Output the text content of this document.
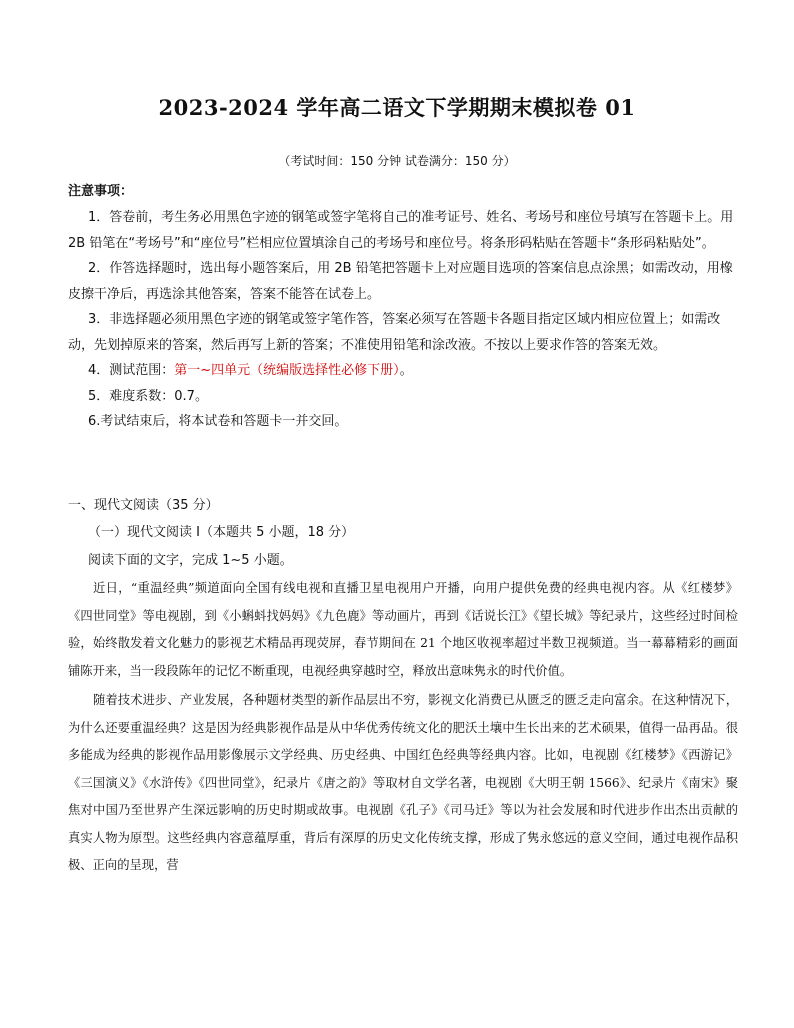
2023-2024 学年高二语文下学期期末模拟卷 01
（考试时间：150 分钟 试卷满分：150 分）
注意事项：

1．答卷前，考生务必用黑色字迹的钢笔或签字笔将自己的准考证号、姓名、考场号和座位号填写在答题卡上。用 2B 铅笔在“考场号”和“座位号”栏相应位置填涂自己的考场号和座位号。将条形码粘贴在答题卡“条形码粘贴处”。

2．作答选择题时，选出每小题答案后，用 2B 铅笔把答题卡上对应题目选项的答案信息点涂黑；如需改动，用橡皮擦干净后，再选涂其他答案，答案不能答在试卷上。

3．非选择题必须用黑色字迹的钢笔或签字笔作答，答案必须写在答题卡各题目指定区域内相应位置上；如需改动，先划掉原来的答案，然后再写上新的答案；不准使用铅笔和涂改液。不按以上要求作答的答案无效。

4．测试范围：第一~四单元（统编版选择性必修下册）。

5．难度系数：0.7。

6.考试结束后，将本试卷和答题卡一并交回。

一、现代文阅读（35 分）
（一）现代文阅读 I（本题共 5 小题，18 分）
阅读下面的文字，完成 1~5 小题。

近日，“重温经典”频道面向全国有线电视和直播卫星电视用户开播，向用户提供免费的经典电视内容。从《红楼梦》《四世同堂》等电视剧，到《小蝌蚪找妈妈》《九色鹿》等动画片，再到《话说长江》《望长城》等纪录片，这些经过时间检验，始终散发着文化魅力的影视艺术精品再现荧屏，春节期间在 21 个地区收视率超过半数卫视频道。当一幕幕精彩的画面铺陈开来，当一段段陈年的记忆不断重现，电视经典穿越时空，释放出意味隽永的时代价值。

随着技术进步、产业发展，各种题材类型的新作品层出不穷，影视文化消费已从匮乏的匮乏走向富余。在这种情况下，为什么还要重温经典？这是因为经典影视作品是从中华优秀传统文化的肥沃土壤中生长出来的艺术硕果，值得一品再品。很多能成为经典的影视作品用影像展示文学经典、历史经典、中国红色经典等经典内容。比如，电视剧《红楼梦》《西游记》《三国演义》《水浒传》《四世同堂》，纪录片《唐之韵》等取材自文学名著，电视剧《大明王朝 1566》、纪录片《南宋》聚焦对中国乃至世界产生深远影响的历史时期或故事。电视剧《孔子》《司马迁》等以为社会发展和时代进步作出杰出贡献的真实人物为原型。这些经典内容意蕴厚重，背后有深厚的历史文化传统支撑，形成了隽永悠远的意义空间，通过电视作品积极、正向的呈现，营
